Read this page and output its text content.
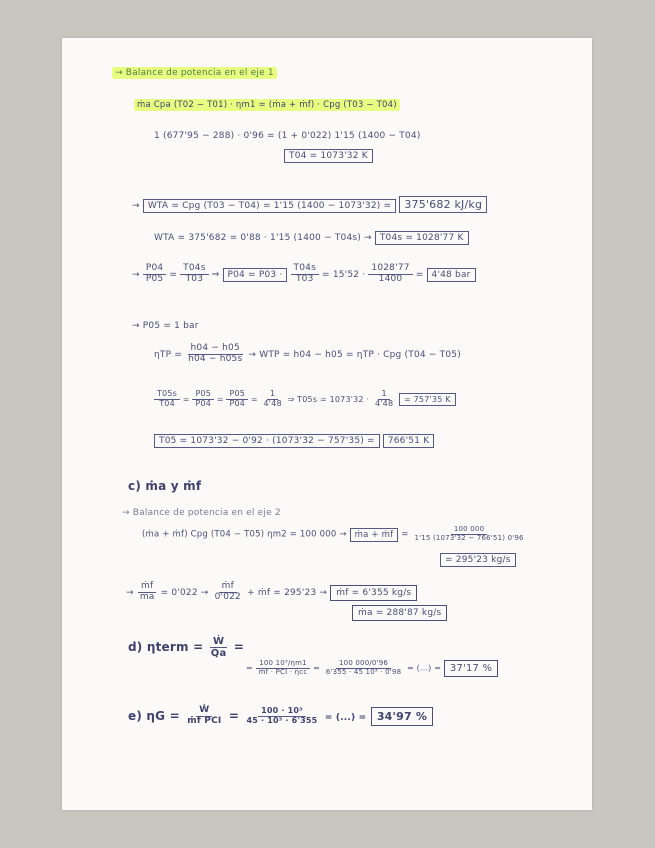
→ Balance de potencia en el eje 1
ṁa Cpa (T02 − T01) · ηm1 = (ṁa + ṁf) · Cpg (T03 − T04)
1 (677'95 − 288) · 0'96 = (1 + 0'022) 1'15 (1400 − T04)
T04 = 1073'32 K
→ WTA = Cpg (T03 − T04) = 1'15 (1400 − 1073'32) = 375'682 kJ/kg
WTA = 375'682 = 0'88 · 1'15 (1400 − T04s) → T04s = 1028'77 K
→ $\frac{P04}{P05} = \frac{T04s}{T03}$ ⇒ $P04 = P03 \cdot \frac{T04s}{T03} = 15'52 \cdot \frac{1028'77}{1400} = 4'48$ bar
→ P05 = 1 bar
$\eta TP = \frac{h04 - h05}{h04 - h05s}$ → WTP = h04 − h05 = ηTP · Cpg (T04 − T05)
$\frac{T05s}{T04} = \frac{P05}{P04} = \frac{P05}{P04} = \frac{1}{4'48}$ ⇒ $T05s = 1073'32 \cdot \frac{1}{4'48} = 757'35$ K
T05 = 1073'32 − 0'92 · (1073'32 − 757'35) = 766'51 K
c) ṁa y ṁf
→ Balance de potencia en el eje 2
(ṁa + ṁf) Cpg (T04 − T05) ηm2 = 100 000 → ṁa + ṁf = $\frac{100 000}{1'15 (1073'32 - 766'51) 0'96}$
= 295'23 kg/s
→ $\frac{\text{ṁf}}{\text{ṁa}} = 0'022 \to \frac{\text{ṁf}}{0'022}$ + ṁf = 295'23 → ṁf = 6'355 kg/s
ṁa = 288'87 kg/s
d) ηterm = $\frac{\text{Ẇ}}{Q̇a}$ =
= $\frac{\text{100 10³/ηm1}}{\text{ṁf · PCI · ηcc}} = \frac{100 000/0'96}{\text{6'355 · 45 10³ · 0'98}}$ = (...) = 37'17 %
e) $\eta G = \frac{\text{Ẇ}}{\text{ṁf PCI}} = \frac{\text{100 · 10³}}{\text{45 · 10³ · 6'355}}$ = (...) = 34'97 %
